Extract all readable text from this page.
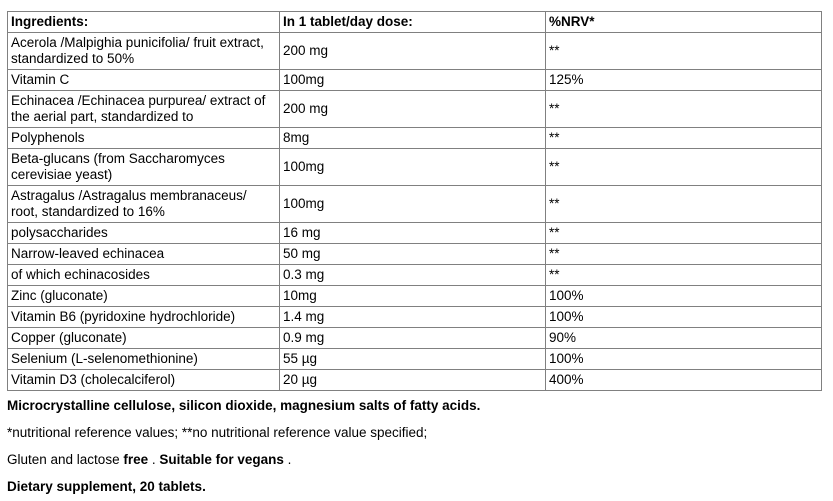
Ingredients:	In 1 tablet/day dose:	%NRV*
Acerola /Malpighia punicifolia/ fruit extract, standardized to 50%	200 mg	**
Vitamin C	100mg	125%
Echinacea /Echinacea purpurea/ extract of the aerial part, standardized to	200 mg	**
Polyphenols	8mg	**
Beta-glucans (from Saccharomyces cerevisiae yeast)	100mg	**
Astragalus /Astragalus membranaceus/ root, standardized to 16%	100mg	**
polysaccharides	16 mg	**
Narrow-leaved echinacea	50 mg	**
of which echinacosides	0.3 mg	**
Zinc (gluconate)	10mg	100%
Vitamin B6 (pyridoxine hydrochloride)	1.4 mg	100%
Copper (gluconate)	0.9 mg	90%
Selenium (L-selenomethionine)	55 µg	100%
Vitamin D3 (cholecalciferol)	20 µg	400%

Microcrystalline cellulose, silicon dioxide, magnesium salts of fatty acids.

*nutritional reference values; **no nutritional reference value specified;

Gluten and lactose free . Suitable for vegans .

Dietary supplement, 20 tablets.
